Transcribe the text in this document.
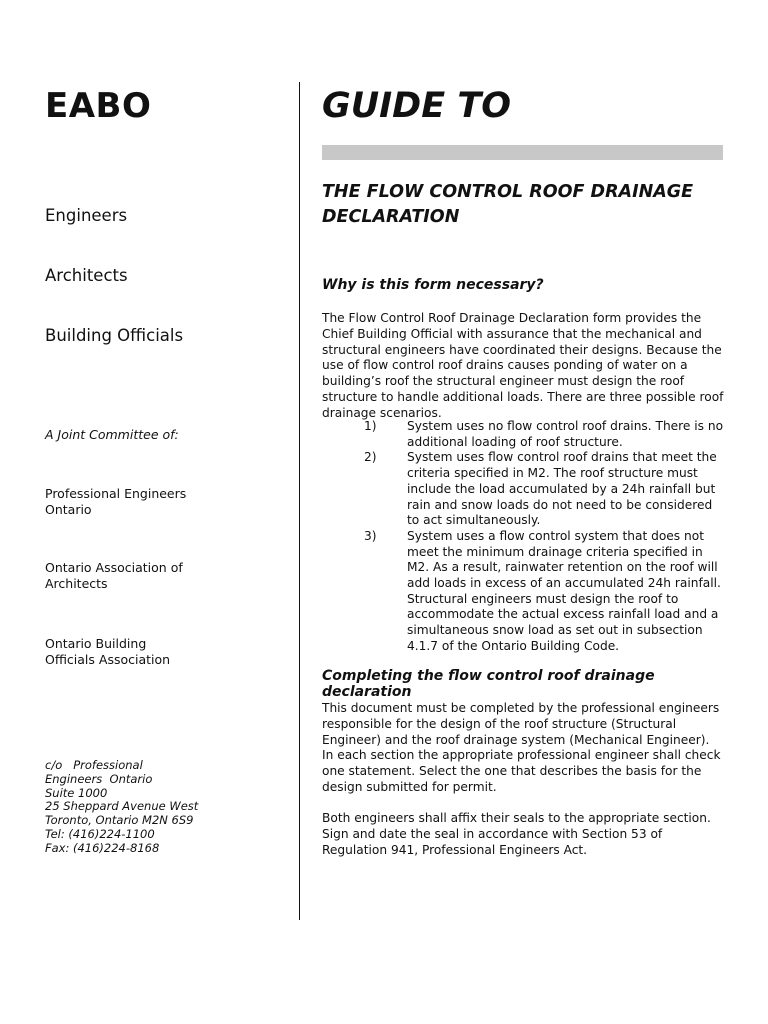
EABO

Engineers

Architects

Building Officials

A Joint Committee of:

Professional Engineers
Ontario

Ontario Association of
Architects

Ontario Building
Officials Association

c/o   Professional
Engineers  Ontario
Suite 1000
25 Sheppard Avenue West
Toronto, Ontario M2N 6S9
Tel: (416)224-1100
Fax: (416)224-8168
GUIDE TO
THE FLOW CONTROL ROOF DRAINAGE DECLARATION
Why is this form necessary?

The Flow Control Roof Drainage Declaration form provides the Chief Building Official with assurance that the mechanical and structural engineers have coordinated their designs. Because the use of flow control roof drains causes ponding of water on a building’s roof the structural engineer must design the roof structure to handle additional loads. There are three possible roof drainage scenarios.

1) System uses no flow control roof drains. There is no additional loading of roof structure.
2) System uses flow control roof drains that meet the criteria specified in M2. The roof structure must include the load accumulated by a 24h rainfall but rain and snow loads do not need to be considered to act simultaneously.
3) System uses a flow control system that does not meet the minimum drainage criteria specified in M2. As a result, rainwater retention on the roof will add loads in excess of an accumulated 24h rainfall. Structural engineers must design the roof to accommodate the actual excess rainfall load and a simultaneous snow load as set out in subsection 4.1.7 of the Ontario Building Code.
Completing the flow control roof drainage declaration

This document must be completed by the professional engineers responsible for the design of the roof structure (Structural Engineer) and the roof drainage system (Mechanical Engineer). In each section the appropriate professional engineer shall check one statement. Select the one that describes the basis for the design submitted for permit.

Both engineers shall affix their seals to the appropriate section. Sign and date the seal in accordance with Section 53 of Regulation 941, Professional Engineers Act.
